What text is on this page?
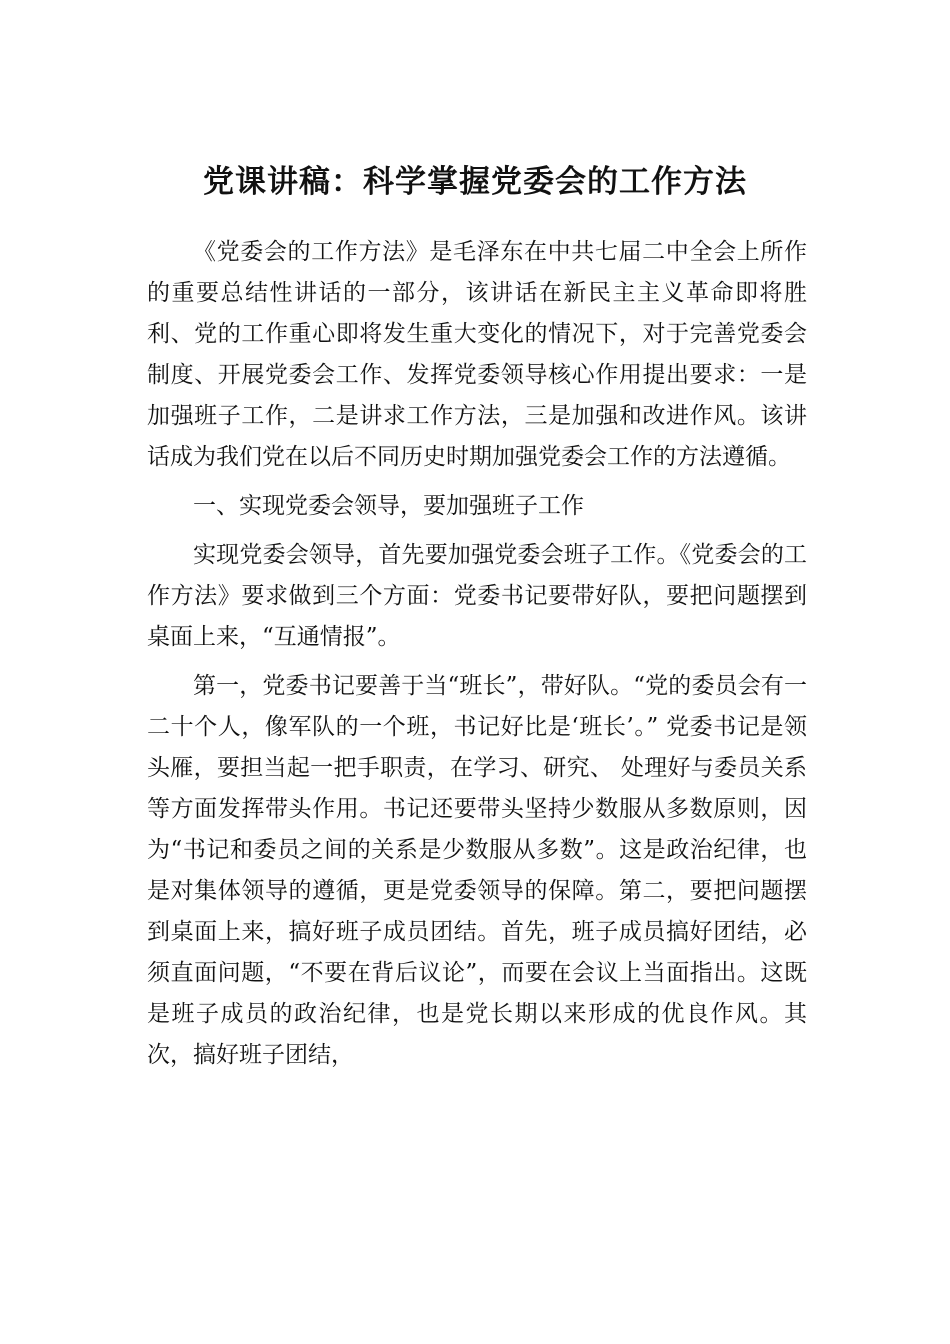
党课讲稿：科学掌握党委会的工作方法

《党委会的工作方法》是毛泽东在中共七届二中全会上所作的重要总结性讲话的一部分，该讲话在新民主主义革命即将胜利、党的工作重心即将发生重大变化的情况下，对于完善党委会制度、开展党委会工作、发挥党委领导核心作用提出要求：一是加强班子工作，二是讲求工作方法，三是加强和改进作风。该讲话成为我们党在以后不同历史时期加强党委会工作的方法遵循。

一、实现党委会领导，要加强班子工作

实现党委会领导，首先要加强党委会班子工作。《党委会的工作方法》要求做到三个方面：党委书记要带好队，要把问题摆到桌面上来，“互通情报”。

第一，党委书记要善于当“班长”，带好队。“党的委员会有一二十个人，像军队的一个班，书记好比是‘班长’。” 党委书记是领头雁，要担当起一把手职责，在学习、研究、 处理好与委员关系等方面发挥带头作用。书记还要带头坚持少数服从多数原则，因为“书记和委员之间的关系是少数服从多数”。这是政治纪律，也是对集体领导的遵循，更是党委领导的保障。第二，要把问题摆到桌面上来，搞好班子成员团结。首先，班子成员搞好团结，必须直面问题，“不要在背后议论”，而要在会议上当面指出。这既是班子成员的政治纪律，也是党长期以来形成的优良作风。其次，搞好班子团结，
